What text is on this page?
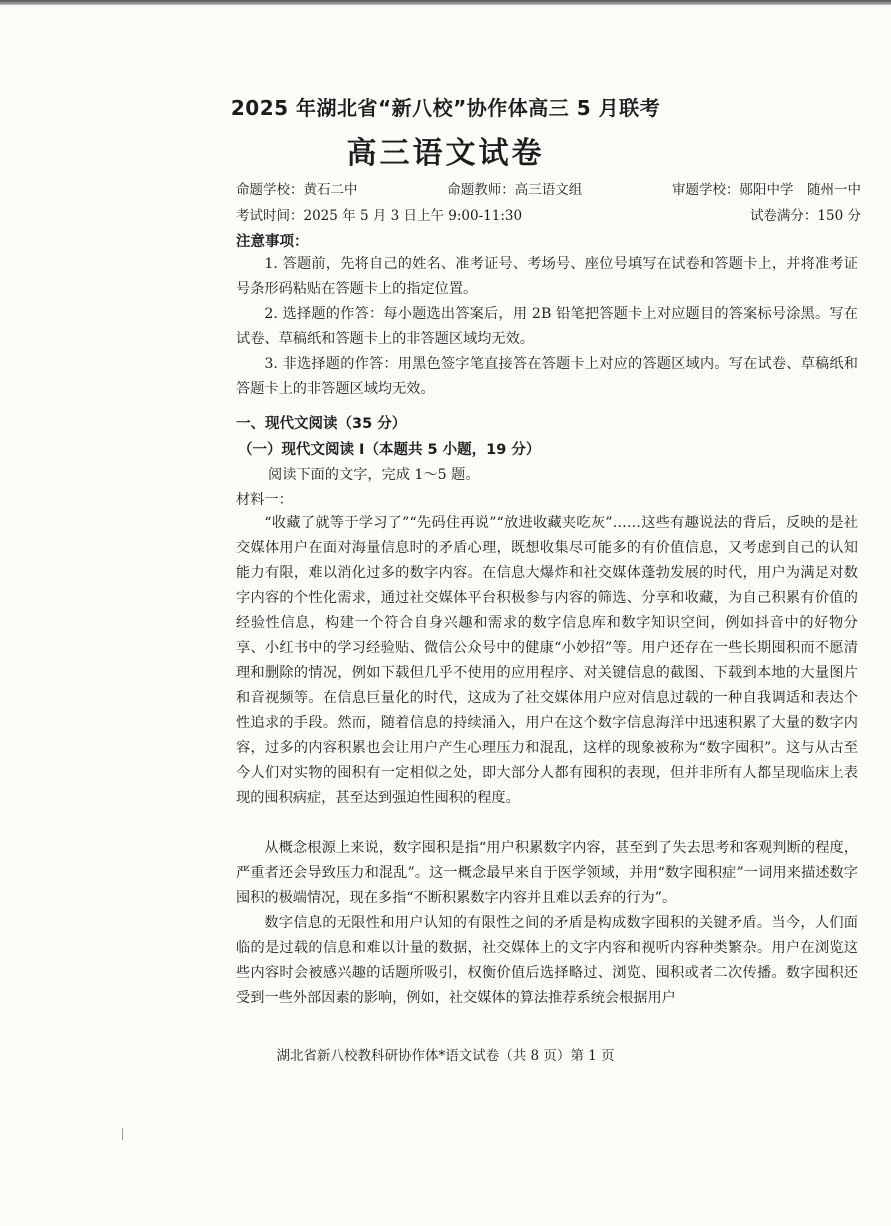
2025 年湖北省“新八校”协作体高三 5 月联考
高三语文试卷
命题学校：黄石二中	命题教师：高三语文组	审题学校：郧阳中学　随州一中
考试时间：2025 年 5 月 3 日上午 9:00-11:30	试卷满分：150 分
注意事项：

1. 答题前，先将自己的姓名、准考证号、考场号、座位号填写在试卷和答题卡上，并将准考证号条形码粘贴在答题卡上的指定位置。

2. 选择题的作答：每小题选出答案后，用 2B 铅笔把答题卡上对应题目的答案标号涂黑。写在试卷、草稿纸和答题卡上的非答题区域均无效。

3. 非选择题的作答：用黑色签字笔直接答在答题卡上对应的答题区域内。写在试卷、草稿纸和答题卡上的非答题区域均无效。

一、现代文阅读（35 分）
（一）现代文阅读 I（本题共 5 小题，19 分）
阅读下面的文字，完成 1～5 题。
材料一：

“收藏了就等于学习了”“先码住再说”“放进收藏夹吃灰”……这些有趣说法的背后，反映的是社交媒体用户在面对海量信息时的矛盾心理，既想收集尽可能多的有价值信息，又考虑到自己的认知能力有限，难以消化过多的数字内容。在信息大爆炸和社交媒体蓬勃发展的时代，用户为满足对数字内容的个性化需求，通过社交媒体平台积极参与内容的筛选、分享和收藏，为自己积累有价值的经验性信息，构建一个符合自身兴趣和需求的数字信息库和数字知识空间，例如抖音中的好物分享、小红书中的学习经验贴、微信公众号中的健康“小妙招”等。用户还存在一些长期囤积而不愿清理和删除的情况，例如下载但几乎不使用的应用程序、对关键信息的截图、下载到本地的大量图片和音视频等。在信息巨量化的时代，这成为了社交媒体用户应对信息过载的一种自我调适和表达个性追求的手段。然而，随着信息的持续涌入，用户在这个数字信息海洋中迅速积累了大量的数字内容，过多的内容积累也会让用户产生心理压力和混乱，这样的现象被称为“数字囤积”。这与从古至今人们对实物的囤积有一定相似之处，即大部分人都有囤积的表现，但并非所有人都呈现临床上表现的囤积病症，甚至达到强迫性囤积的程度。

从概念根源上来说，数字囤积是指“用户积累数字内容，甚至到了失去思考和客观判断的程度，严重者还会导致压力和混乱”。这一概念最早来自于医学领域，并用“数字囤积症”一词用来描述数字囤积的极端情况，现在多指“不断积累数字内容并且难以丢弃的行为”。

数字信息的无限性和用户认知的有限性之间的矛盾是构成数字囤积的关键矛盾。当今，人们面临的是过载的信息和难以计量的数据，社交媒体上的文字内容和视听内容种类繁杂。用户在浏览这些内容时会被感兴趣的话题所吸引，权衡价值后选择略过、浏览、囤积或者二次传播。数字囤积还受到一些外部因素的影响，例如，社交媒体的算法推荐系统会根据用户

湖北省新八校教科研协作体*语文试卷（共 8 页）第 1 页
